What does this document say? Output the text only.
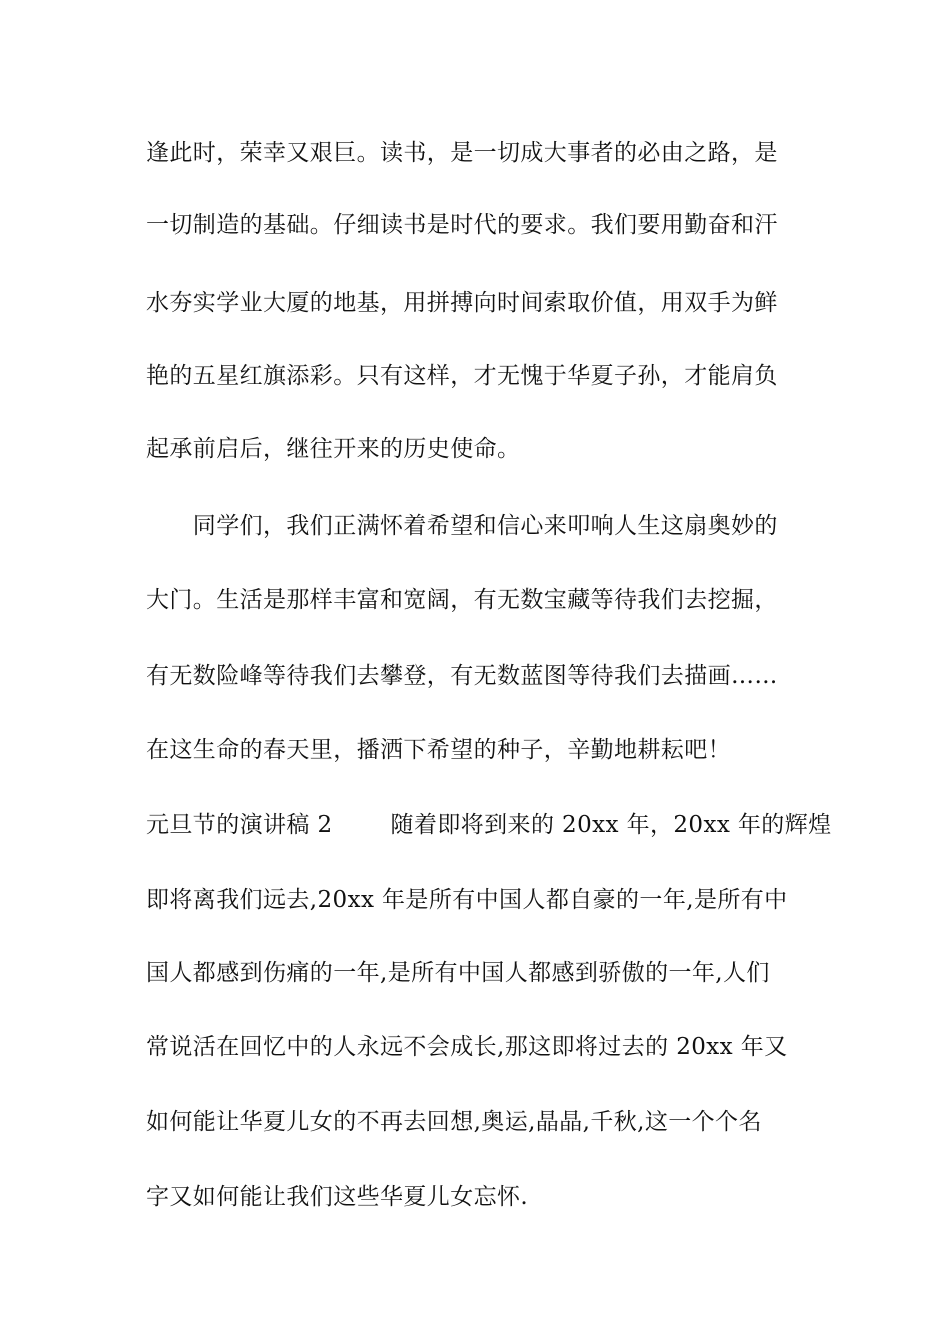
逢此时，荣幸又艰巨。读书，是一切成大事者的必由之路，是
一切制造的基础。仔细读书是时代的要求。我们要用勤奋和汗
水夯实学业大厦的地基，用拼搏向时间索取价值，用双手为鲜
艳的五星红旗添彩。只有这样，才无愧于华夏子孙，才能肩负
起承前启后，继往开来的历史使命。
　　同学们，我们正满怀着希望和信心来叩响人生这扇奥妙的
大门。生活是那样丰富和宽阔，有无数宝藏等待我们去挖掘，
有无数险峰等待我们去攀登，有无数蓝图等待我们去描画……
在这生命的春天里，播洒下希望的种子，辛勤地耕耘吧！
元旦节的演讲稿 2	随着即将到来的 20xx 年，20xx 年的辉煌
即将离我们远去,20xx 年是所有中国人都自豪的一年,是所有中
国人都感到伤痛的一年,是所有中国人都感到骄傲的一年,人们
常说活在回忆中的人永远不会成长,那这即将过去的 20xx 年又
如何能让华夏儿女的不再去回想,奥运,晶晶,千秋,这一个个名
字又如何能让我们这些华夏儿女忘怀.
